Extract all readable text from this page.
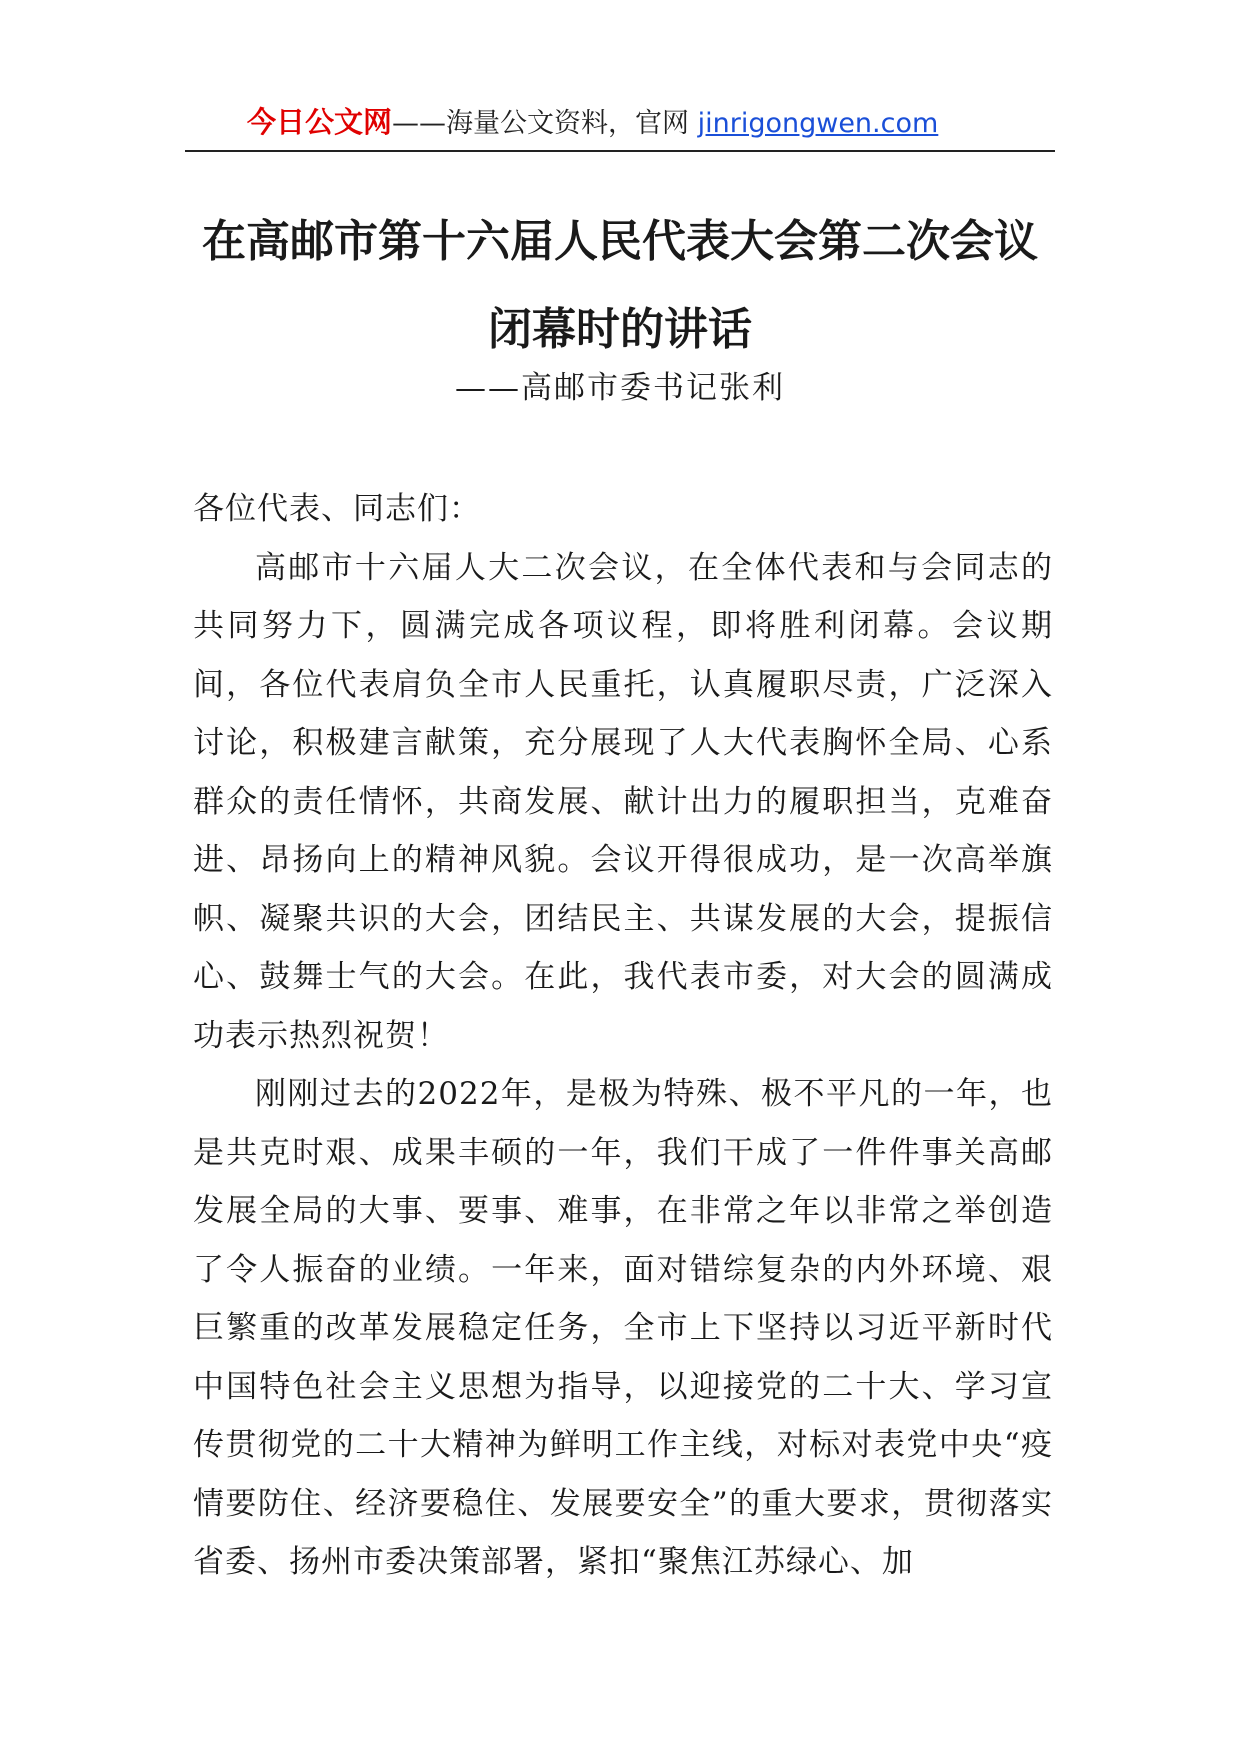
今日公文网——海量公文资料，官网 jinrigongwen.com
在高邮市第十六届人民代表大会第二次会议闭幕时的讲话
——高邮市委书记张利

各位代表、同志们：

高邮市十六届人大二次会议，在全体代表和与会同志的共同努力下，圆满完成各项议程，即将胜利闭幕。会议期间，各位代表肩负全市人民重托，认真履职尽责，广泛深入讨论，积极建言献策，充分展现了人大代表胸怀全局、心系群众的责任情怀，共商发展、献计出力的履职担当，克难奋进、昂扬向上的精神风貌。会议开得很成功，是一次高举旗帜、凝聚共识的大会，团结民主、共谋发展的大会，提振信心、鼓舞士气的大会。在此，我代表市委，对大会的圆满成功表示热烈祝贺！

刚刚过去的2022年，是极为特殊、极不平凡的一年，也是共克时艰、成果丰硕的一年，我们干成了一件件事关高邮发展全局的大事、要事、难事，在非常之年以非常之举创造了令人振奋的业绩。一年来，面对错综复杂的内外环境、艰巨繁重的改革发展稳定任务，全市上下坚持以习近平新时代中国特色社会主义思想为指导，以迎接党的二十大、学习宣传贯彻党的二十大精神为鲜明工作主线，对标对表党中央“疫情要防住、经济要稳住、发展要安全”的重大要求，贯彻落实省委、扬州市委决策部署，紧扣“聚焦江苏绿心、加
